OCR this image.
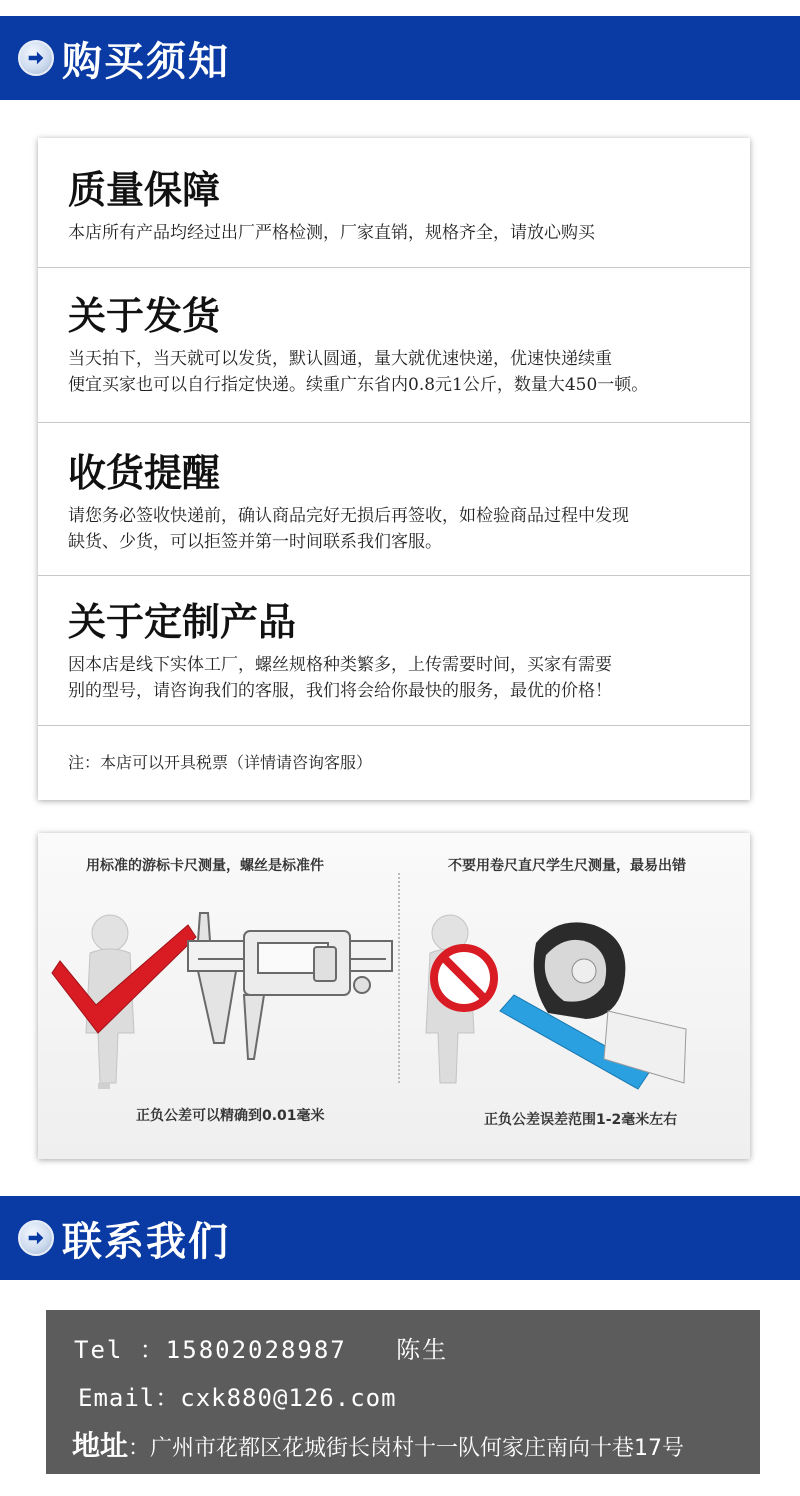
购买须知
质量保障
本店所有产品均经过出厂严格检测，厂家直销，规格齐全，请放心购买
关于发货
当天拍下，当天就可以发货，默认圆通，量大就优速快递，优速快递续重
便宜买家也可以自行指定快递。续重广东省内0.8元1公斤，数量大450一顿。
收货提醒
请您务必签收快递前，确认商品完好无损后再签收，如检验商品过程中发现
缺货、少货，可以拒签并第一时间联系我们客服。
关于定制产品
因本店是线下实体工厂，螺丝规格种类繁多，上传需要时间，买家有需要
别的型号，请咨询我们的客服，我们将会给你最快的服务，最优的价格！
注：本店可以开具税票（详情请咨询客服）
用标准的游标卡尺测量，螺丝是标准件
正负公差可以精确到0.01毫米
不要用卷尺直尺学生尺测量，最易出错
正负公差误差范围1-2毫米左右
联系我们
Tel ：15802028987 陈生
Email：cxk880@126.com
地址：广州市花都区花城街长岗村十一队何家庄南向十巷17号
